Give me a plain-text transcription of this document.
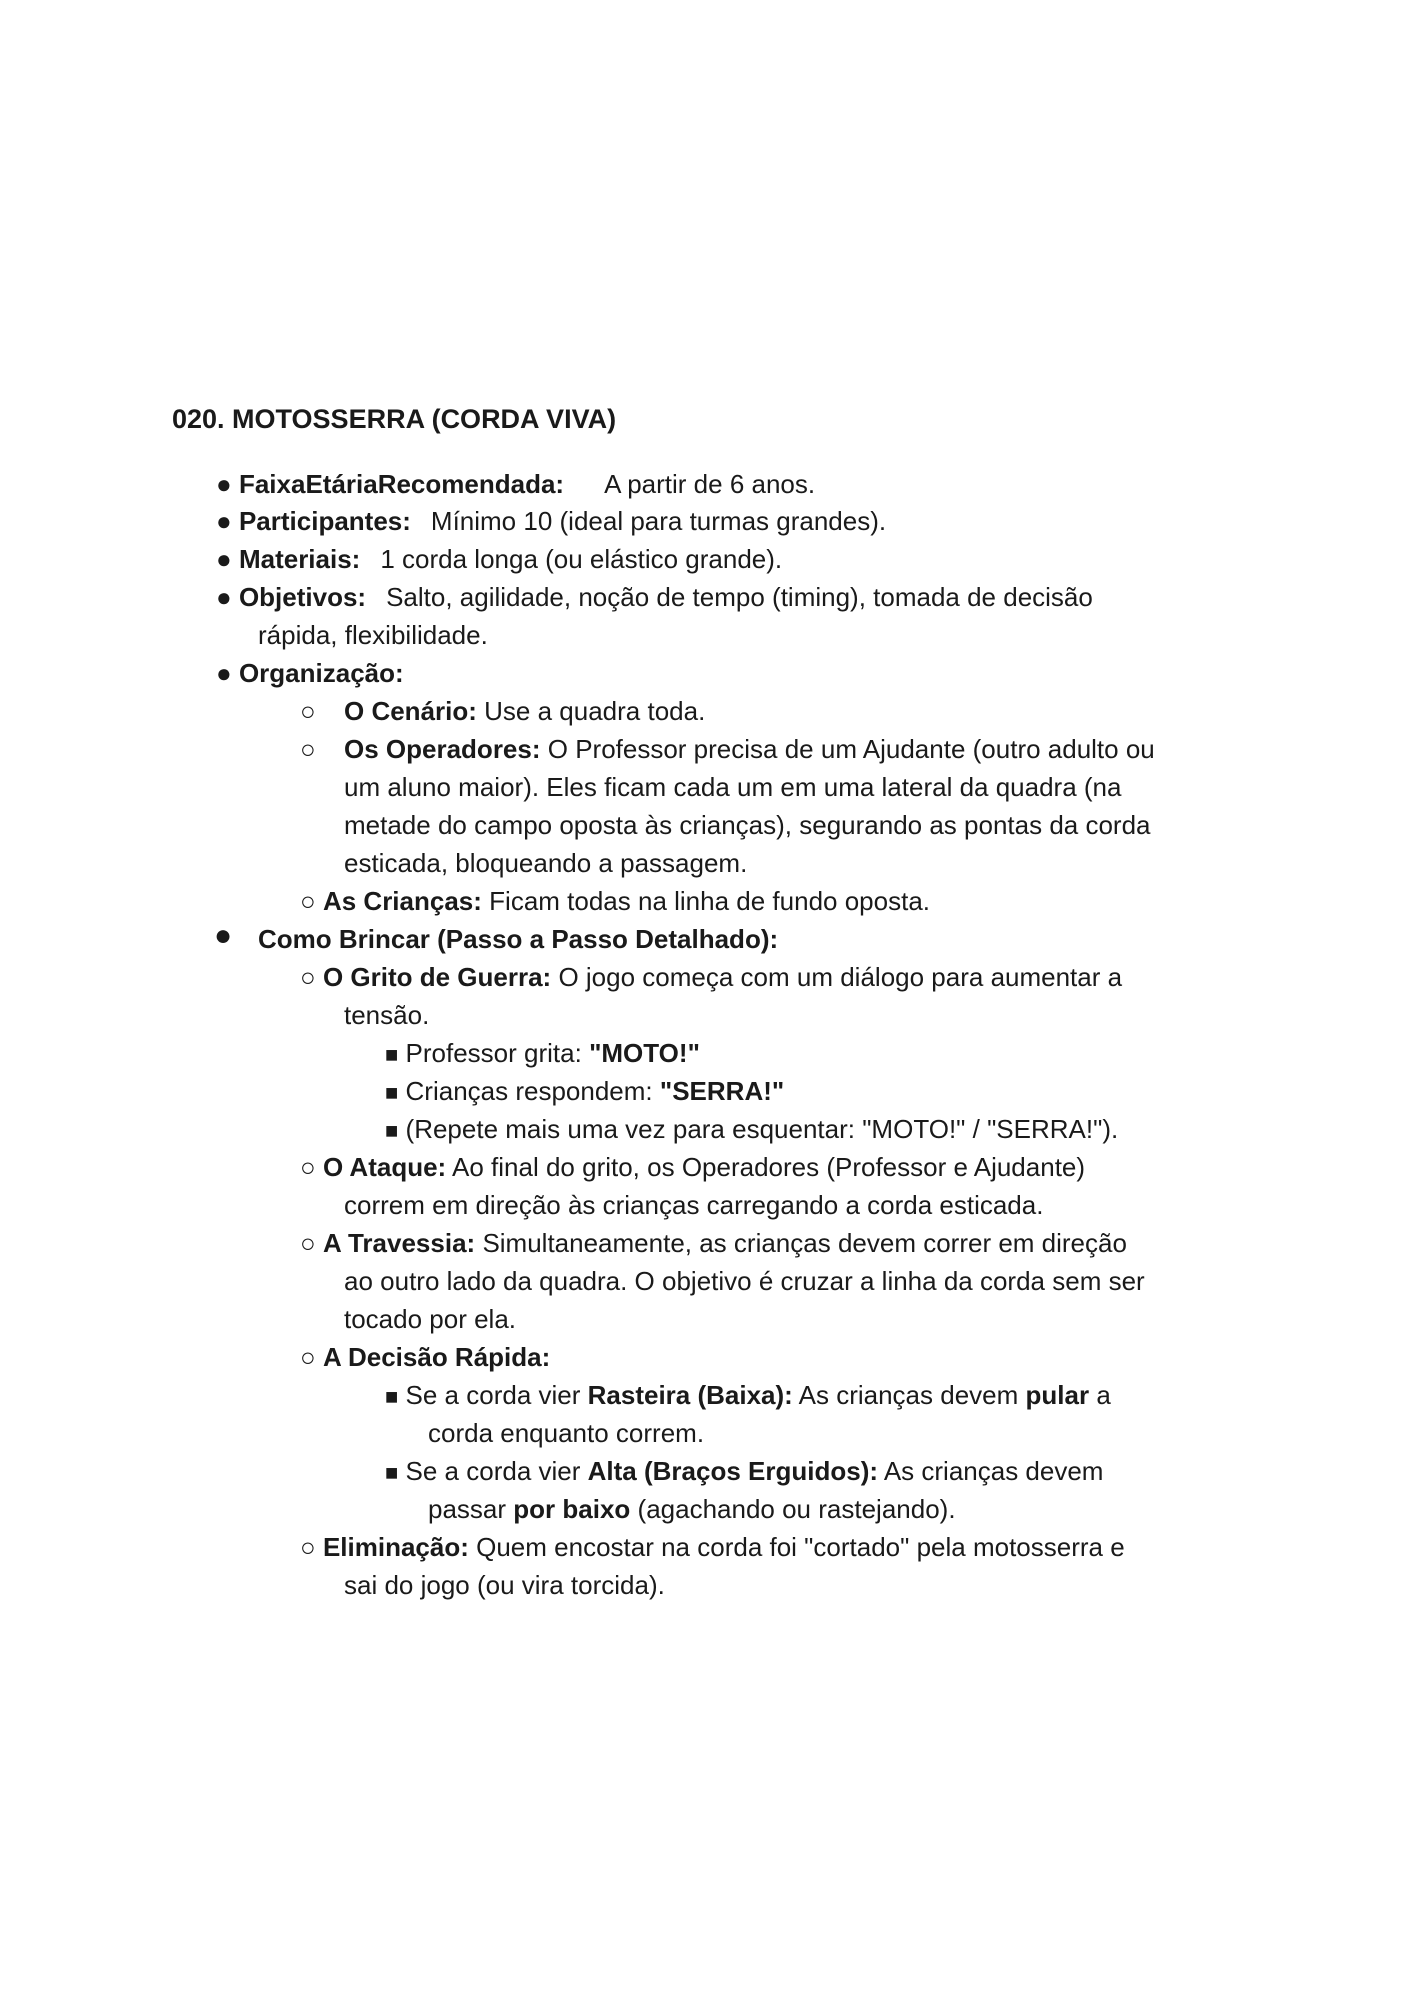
020. MOTOSSERRA (CORDA VIVA)
● FaixaEtáriaRecomendada: A partir de 6 anos.
● Participantes: Mínimo 10 (ideal para turmas grandes).
● Materiais: 1 corda longa (ou elástico grande).
● Objetivos: Salto, agilidade, noção de tempo (timing), tomada de decisão
rápida, flexibilidade.
● Organização:
○ O Cenário: Use a quadra toda.
○ Os Operadores: O Professor precisa de um Ajudante (outro adulto ou
um aluno maior). Eles ficam cada um em uma lateral da quadra (na
metade do campo oposta às crianças), segurando as pontas da corda
esticada, bloqueando a passagem.
○ As Crianças: Ficam todas na linha de fundo oposta.
● Como Brincar (Passo a Passo Detalhado):
○ O Grito de Guerra: O jogo começa com um diálogo para aumentar a
tensão.
■ Professor grita: "MOTO!"
■ Crianças respondem: "SERRA!"
■ (Repete mais uma vez para esquentar: "MOTO!" / "SERRA!").
○ O Ataque: Ao final do grito, os Operadores (Professor e Ajudante)
correm em direção às crianças carregando a corda esticada.
○ A Travessia: Simultaneamente, as crianças devem correr em direção
ao outro lado da quadra. O objetivo é cruzar a linha da corda sem ser
tocado por ela.
○ A Decisão Rápida:
■ Se a corda vier Rasteira (Baixa): As crianças devem pular a
corda enquanto correm.
■ Se a corda vier Alta (Braços Erguidos): As crianças devem
passar por baixo (agachando ou rastejando).
○ Eliminação: Quem encostar na corda foi "cortado" pela motosserra e
sai do jogo (ou vira torcida).
